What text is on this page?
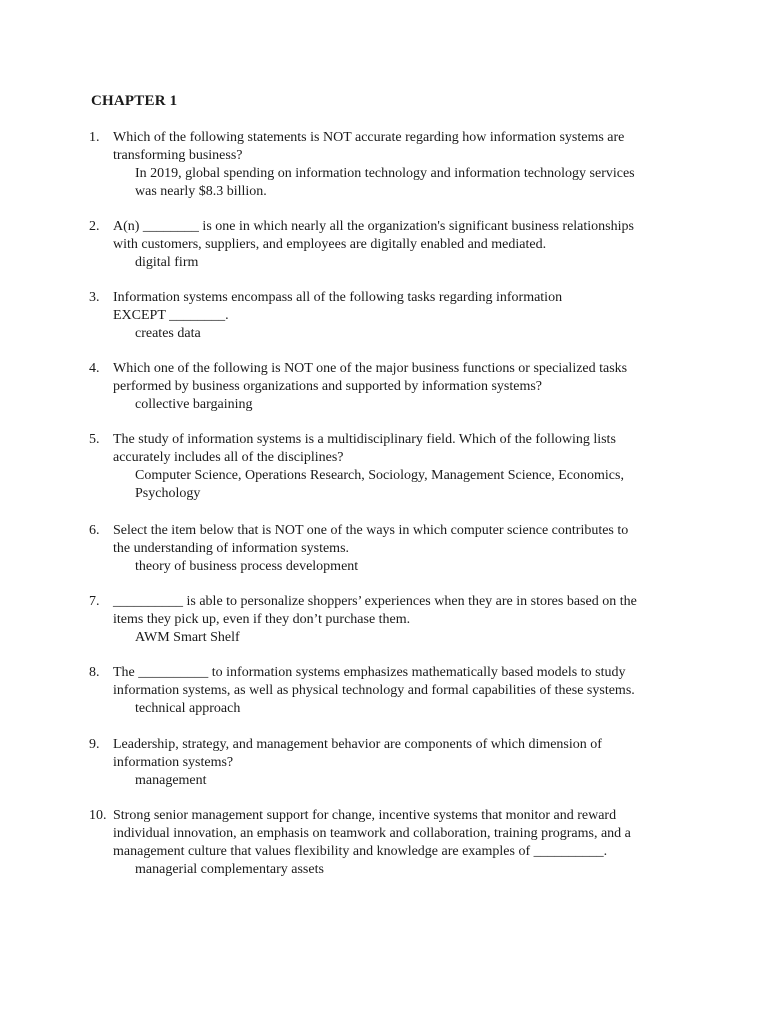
CHAPTER 1
1. Which of the following statements is NOT accurate regarding how information systems are
transforming business?
In 2019, global spending on information technology and information technology services
was nearly $8.3 billion.
2. A(n) ________ is one in which nearly all the organization's significant business relationships
with customers, suppliers, and employees are digitally enabled and mediated.
digital firm
3. Information systems encompass all of the following tasks regarding information
EXCEPT ________.
creates data
4. Which one of the following is NOT one of the major business functions or specialized tasks
performed by business organizations and supported by information systems?
collective bargaining
5. The study of information systems is a multidisciplinary field. Which of the following lists
accurately includes all of the disciplines?
Computer Science, Operations Research, Sociology, Management Science, Economics,
Psychology
6. Select the item below that is NOT one of the ways in which computer science contributes to
the understanding of information systems.
theory of business process development
7. __________ is able to personalize shoppers’ experiences when they are in stores based on the
items they pick up, even if they don’t purchase them.
AWM Smart Shelf
8. The __________ to information systems emphasizes mathematically based models to study
information systems, as well as physical technology and formal capabilities of these systems.
technical approach
9. Leadership, strategy, and management behavior are components of which dimension of
information systems?
management
10. Strong senior management support for change, incentive systems that monitor and reward
individual innovation, an emphasis on teamwork and collaboration, training programs, and a
management culture that values flexibility and knowledge are examples of __________.
managerial complementary assets
